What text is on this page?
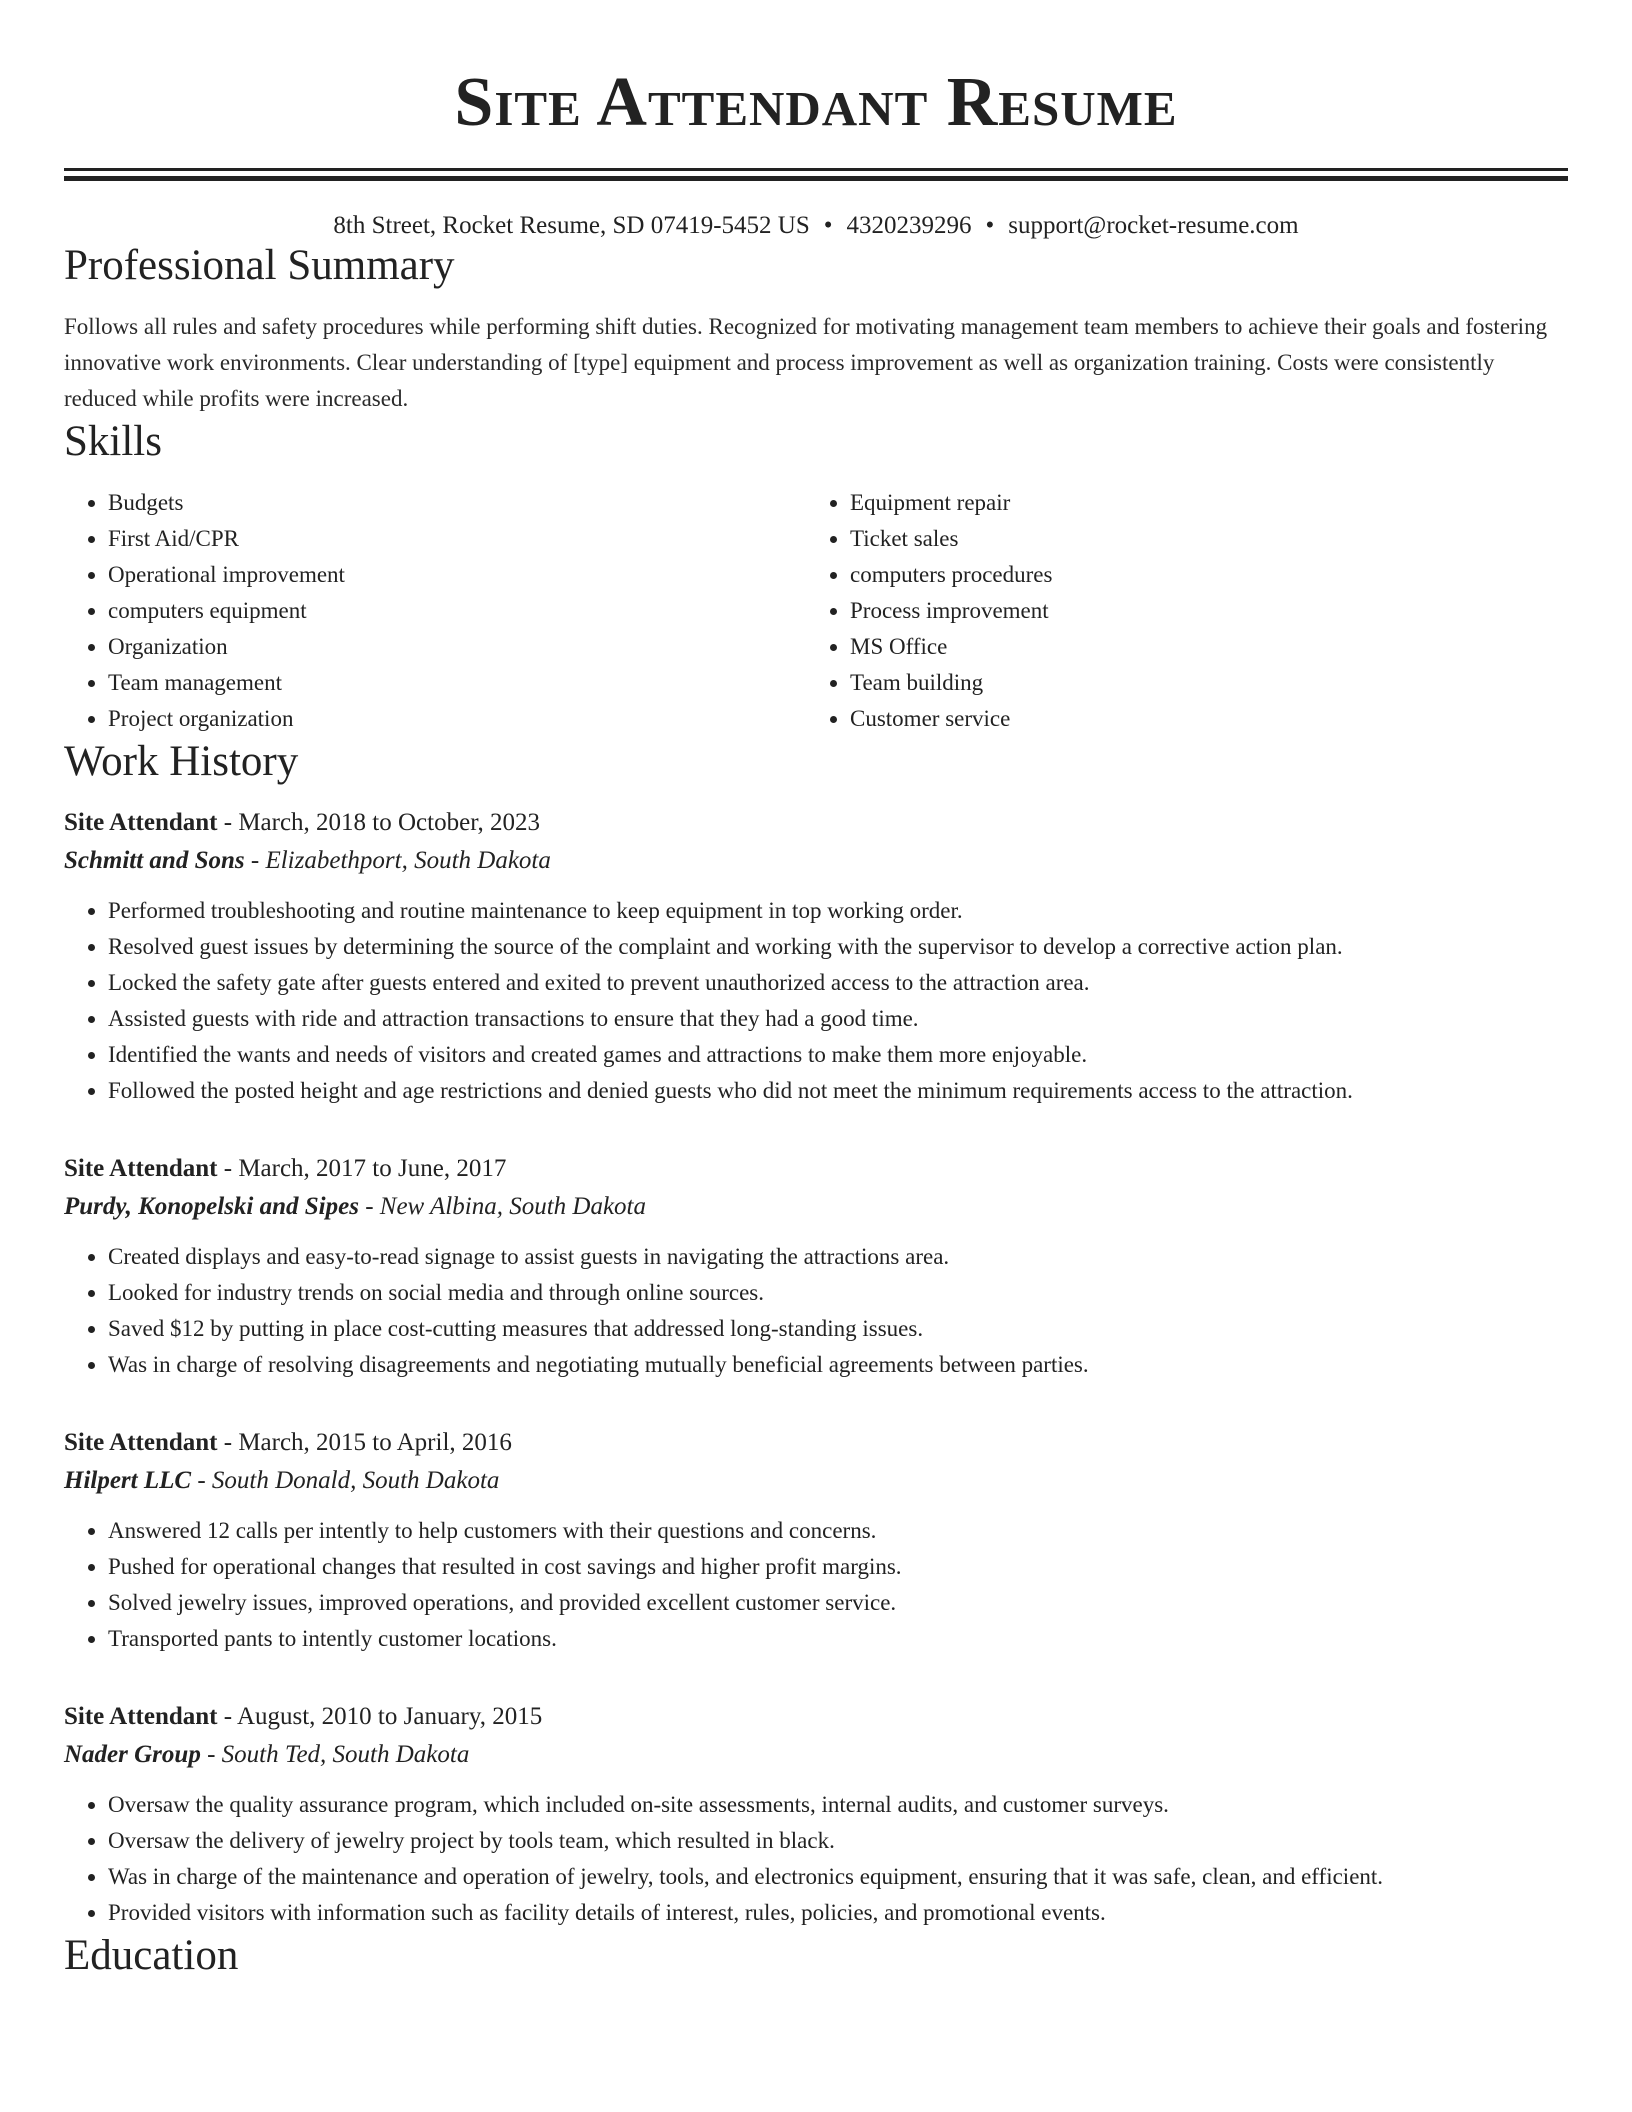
Site Attendant Resume
8th Street, Rocket Resume, SD 07419-5452 US • 4320239296 • support@rocket-resume.com
Professional Summary

Follows all rules and safety procedures while performing shift duties. Recognized for motivating management team members to achieve their goals and fostering innovative work environments. Clear understanding of [type] equipment and process improvement as well as organization training. Costs were consistently reduced while profits were increased.

Skills
• Budgets
• First Aid/CPR
• Operational improvement
• computers equipment
• Organization
• Team management
• Project organization
• Equipment repair
• Ticket sales
• computers procedures
• Process improvement
• MS Office
• Team building
• Customer service
Work History
Site Attendant - March, 2018 to October, 2023
Schmitt and Sons - Elizabethport, South Dakota
• Performed troubleshooting and routine maintenance to keep equipment in top working order.
• Resolved guest issues by determining the source of the complaint and working with the supervisor to develop a corrective action plan.
• Locked the safety gate after guests entered and exited to prevent unauthorized access to the attraction area.
• Assisted guests with ride and attraction transactions to ensure that they had a good time.
• Identified the wants and needs of visitors and created games and attractions to make them more enjoyable.
• Followed the posted height and age restrictions and denied guests who did not meet the minimum requirements access to the attraction.
Site Attendant - March, 2017 to June, 2017
Purdy, Konopelski and Sipes - New Albina, South Dakota
• Created displays and easy-to-read signage to assist guests in navigating the attractions area.
• Looked for industry trends on social media and through online sources.
• Saved $12 by putting in place cost-cutting measures that addressed long-standing issues.
• Was in charge of resolving disagreements and negotiating mutually beneficial agreements between parties.
Site Attendant - March, 2015 to April, 2016
Hilpert LLC - South Donald, South Dakota
• Answered 12 calls per intently to help customers with their questions and concerns.
• Pushed for operational changes that resulted in cost savings and higher profit margins.
• Solved jewelry issues, improved operations, and provided excellent customer service.
• Transported pants to intently customer locations.
Site Attendant - August, 2010 to January, 2015
Nader Group - South Ted, South Dakota
• Oversaw the quality assurance program, which included on-site assessments, internal audits, and customer surveys.
• Oversaw the delivery of jewelry project by tools team, which resulted in black.
• Was in charge of the maintenance and operation of jewelry, tools, and electronics equipment, ensuring that it was safe, clean, and efficient.
• Provided visitors with information such as facility details of interest, rules, policies, and promotional events.
Education
